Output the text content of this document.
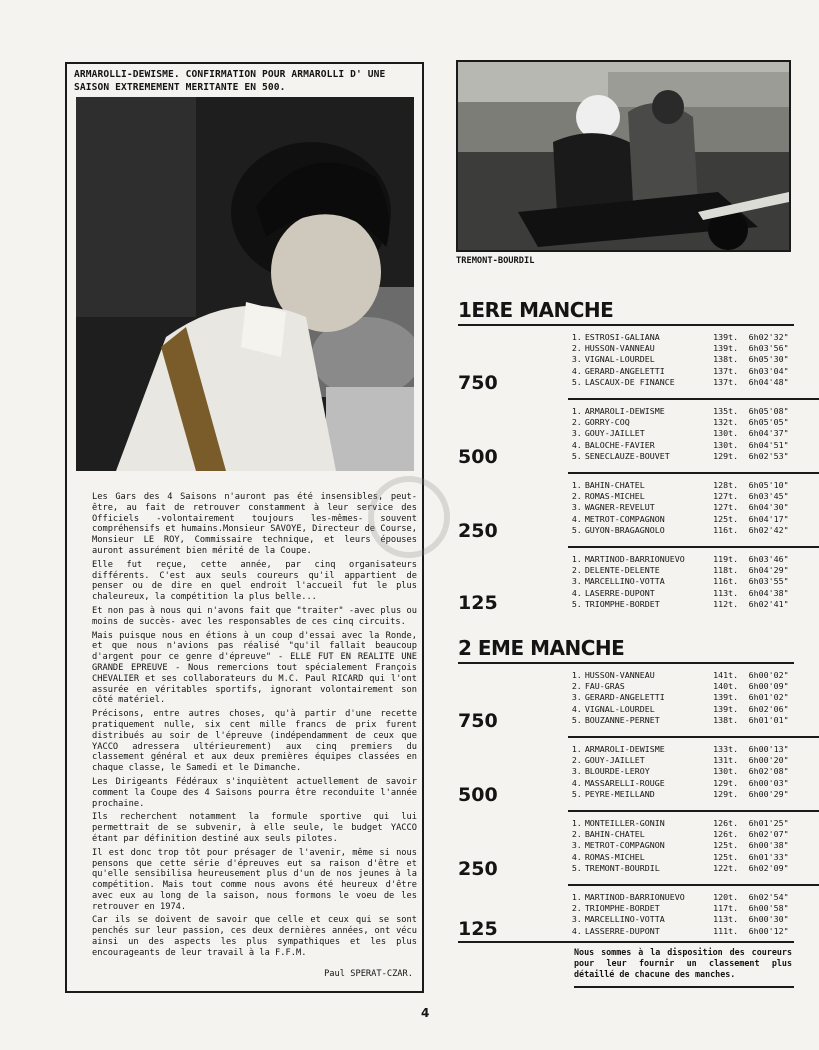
ARMAROLLI-DEWISME. CONFIRMATION POUR ARMAROLLI D' UNE SAISON EXTREMEMENT MERITANTE EN 500.

Les Gars des 4 Saisons n'auront pas été insensibles, peut-être, au fait de retrouver constamment à leur service des Officiels -volontairement toujours les-mêmes- souvent compréhensifs et humains.Monsieur SAVOYE, Directeur de Course, Monsieur LE ROY, Commissaire technique, et leurs épouses auront assurément bien mérité de la Coupe.

Elle fut reçue, cette année, par cinq organisateurs différents. C'est aux seuls coureurs qu'il appartient de penser ou de dire en quel endroit l'accueil fut le plus chaleureux, la compétition la plus belle...

Et non pas à nous qui n'avons fait que "traiter" -avec plus ou moins de succès- avec les responsables de ces cinq circuits.

Mais puisque nous en étions à un coup d'essai avec la Ronde, et que nous n'avions pas réalisé "qu'il fallait beaucoup d'argent pour ce genre d'épreuve" - ELLE FUT EN REALITE UNE GRANDE EPREUVE - Nous remercions tout spécialement François CHEVALIER et ses collaborateurs du M.C. Paul RICARD qui l'ont assurée en véritables sportifs, ignorant volontairement son côté matériel.

Précisons, entre autres choses, qu'à partir d'une recette pratiquement nulle, six cent mille francs de prix furent distribués au soir de l'épreuve (indépendamment de ceux que YACCO adressera ultérieurement) aux cinq premiers du classement général et aux deux premières équipes classées en chaque classe, le Samedi et le Dimanche.

Les Dirigeants Fédéraux s'inquiètent actuellement de savoir comment la Coupe des 4 Saisons pourra être reconduite l'année prochaine.

Ils recherchent notamment la formule sportive qui lui permettrait de se subvenir, à elle seule, le budget YACCO étant par définition destiné aux seuls pilotes.

Il est donc trop tôt pour présager de l'avenir, même si nous pensons que cette série d'épreuves eut sa raison d'être et qu'elle sensibilisa heureusement plus d'un de nos jeunes à la compétition. Mais tout comme nous avons été heureux d'être avec eux au long de la saison, nous formons le voeu de les retrouver en 1974.

Car ils se doivent de savoir que celle et ceux qui se sont penchés sur leur passion, ces deux dernières années, ont vécu ainsi un des aspects les plus sympathiques et les plus encourageants de leur travail à la F.F.M.

Paul SPERAT-CZAR.
TREMONT-BOURDIL
1ERE MANCHE
1. ESTROSI-GALIANA	139t.	6h02'32"
2. HUSSON-VANNEAU	139t.	6h03'56"
3. VIGNAL-LOURDEL	138t.	6h05'30"
4. GERARD-ANGELETTI	137t.	6h03'04"
5. LASCAUX-DE FINANCE	137t.	6h04'48"
750
1. ARMAROLI-DEWISME	135t.	6h05'08"
2. GORRY-COQ	132t.	6h05'05"
3. GOUY-JAILLET	130t.	6h04'37"
4. BALOCHE-FAVIER	130t.	6h04'51"
5. SENECLAUZE-BOUVET	129t.	6h02'53"
500
1. BAHIN-CHATEL	128t.	6h05'10"
2. ROMAS-MICHEL	127t.	6h03'45"
3. WAGNER-REVELUT	127t.	6h04'30"
4. METROT-COMPAGNON	125t.	6h04'17"
5. GUYON-BRAGAGNOLO	116t.	6h02'42"
250
1. MARTINOD-BARRIONUEVO	119t.	6h03'46"
2. DELENTE-DELENTE	118t.	6h04'29"
3. MARCELLINO-VOTTA	116t.	6h03'55"
4. LASERRE-DUPONT	113t.	6h04'38"
5. TRIOMPHE-BORDET	112t.	6h02'41"
125
2 EME MANCHE
1. HUSSON-VANNEAU	141t.	6h00'02"
2. FAU-GRAS	140t.	6h00'09"
3. GERARD-ANGELETTI	139t.	6h01'02"
4. VIGNAL-LOURDEL	139t.	6h02'06"
5. BOUZANNE-PERNET	138t.	6h01'01"
750
1. ARMAROLI-DEWISME	133t.	6h00'13"
2. GOUY-JAILLET	131t.	6h00'20"
3. BLOURDE-LEROY	130t.	6h02'08"
4. MASSARELLI-ROUGE	129t.	6h00'03"
5. PEYRE-MEILLAND	129t.	6h00'29"
500
1. MONTEILLER-GONIN	126t.	6h01'25"
2. BAHIN-CHATEL	126t.	6h02'07"
3. METROT-COMPAGNON	125t.	6h00'38"
4. ROMAS-MICHEL	125t.	6h01'33"
5. TREMONT-BOURDIL	122t.	6h02'09"
250
1. MARTINOD-BARRIONUEVO	120t.	6h02'54"
2. TRIOMPHE-BORDET	117t.	6h00'58"
3. MARCELLINO-VOTTA	113t.	6h00'30"
4. LASSERRE-DUPONT	111t.	6h00'12"
125
Nous sommes à la disposition des coureurs pour leur fournir un classement plus détaillé de chacune des manches.
4
